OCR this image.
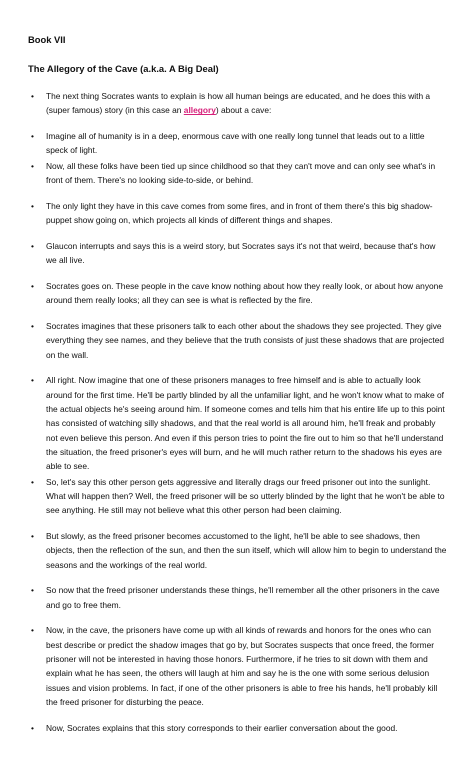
Book VII
The Allegory of the Cave (a.k.a. A Big Deal)
• The next thing Socrates wants to explain is how all human beings are educated, and he does this with a (super famous) story (in this case an allegory) about a cave:
• Imagine all of humanity is in a deep, enormous cave with one really long tunnel that leads out to a little speck of light.
• Now, all these folks have been tied up since childhood so that they can't move and can only see what's in front of them. There's no looking side-to-side, or behind.
• The only light they have in this cave comes from some fires, and in front of them there's this big shadow-puppet show going on, which projects all kinds of different things and shapes.
• Glaucon interrupts and says this is a weird story, but Socrates says it's not that weird, because that's how we all live.
• Socrates goes on. These people in the cave know nothing about how they really look, or about how anyone around them really looks; all they can see is what is reflected by the fire.
• Socrates imagines that these prisoners talk to each other about the shadows they see projected. They give everything they see names, and they believe that the truth consists of just these shadows that are projected on the wall.
• All right. Now imagine that one of these prisoners manages to free himself and is able to actually look around for the first time. He'll be partly blinded by all the unfamiliar light, and he won't know what to make of the actual objects he's seeing around him. If someone comes and tells him that his entire life up to this point has consisted of watching silly shadows, and that the real world is all around him, he'll freak and probably not even believe this person. And even if this person tries to point the fire out to him so that he'll understand the situation, the freed prisoner's eyes will burn, and he will much rather return to the shadows his eyes are able to see.
• So, let's say this other person gets aggressive and literally drags our freed prisoner out into the sunlight. What will happen then? Well, the freed prisoner will be so utterly blinded by the light that he won't be able to see anything. He still may not believe what this other person had been claiming.
• But slowly, as the freed prisoner becomes accustomed to the light, he'll be able to see shadows, then objects, then the reflection of the sun, and then the sun itself, which will allow him to begin to understand the seasons and the workings of the real world.
• So now that the freed prisoner understands these things, he'll remember all the other prisoners in the cave and go to free them.
• Now, in the cave, the prisoners have come up with all kinds of rewards and honors for the ones who can best describe or predict the shadow images that go by, but Socrates suspects that once freed, the former prisoner will not be interested in having those honors. Furthermore, if he tries to sit down with them and explain what he has seen, the others will laugh at him and say he is the one with some serious delusion issues and vision problems. In fact, if one of the other prisoners is able to free his hands, he'll probably kill the freed prisoner for disturbing the peace.
• Now, Socrates explains that this story corresponds to their earlier conversation about the good.
